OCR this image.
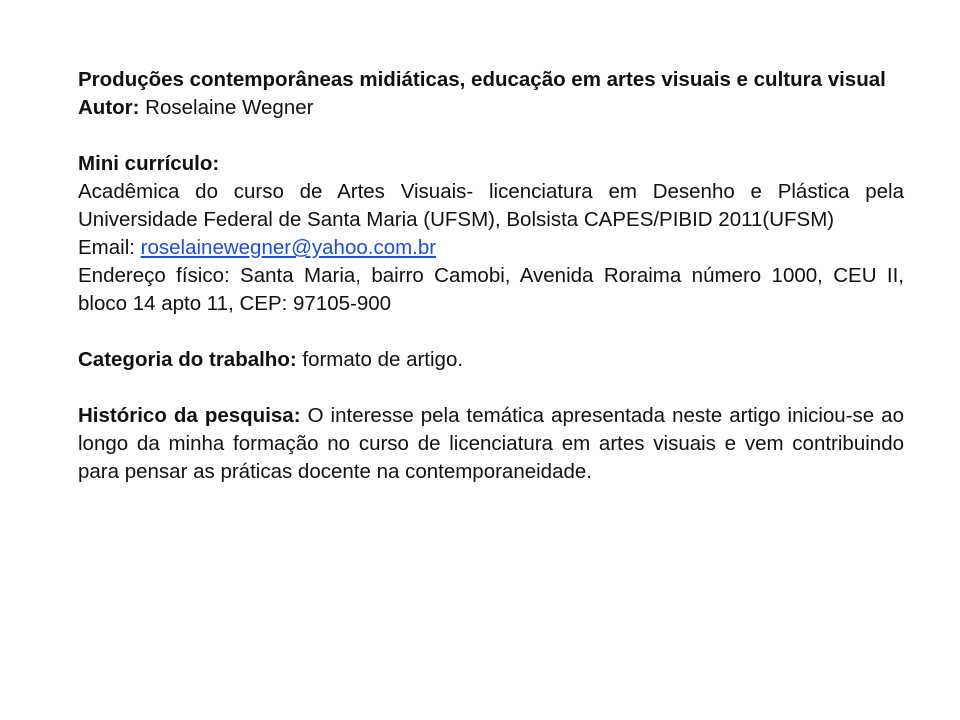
Produções contemporâneas midiáticas, educação em artes visuais e cultura visual

Autor: Roselaine Wegner

Mini currículo:

Acadêmica do curso de Artes Visuais- licenciatura em Desenho e Plástica pela Universidade Federal de Santa Maria (UFSM), Bolsista CAPES/PIBID 2011(UFSM)

Email: roselainewegner@yahoo.com.br

Endereço físico: Santa Maria, bairro Camobi, Avenida Roraima número 1000, CEU II, bloco 14 apto 11, CEP: 97105-900

Categoria do trabalho: formato de artigo.

Histórico da pesquisa: O interesse pela temática apresentada neste artigo iniciou-se ao longo da minha formação no curso de licenciatura em artes visuais e vem contribuindo para pensar as práticas docente na contemporaneidade.
